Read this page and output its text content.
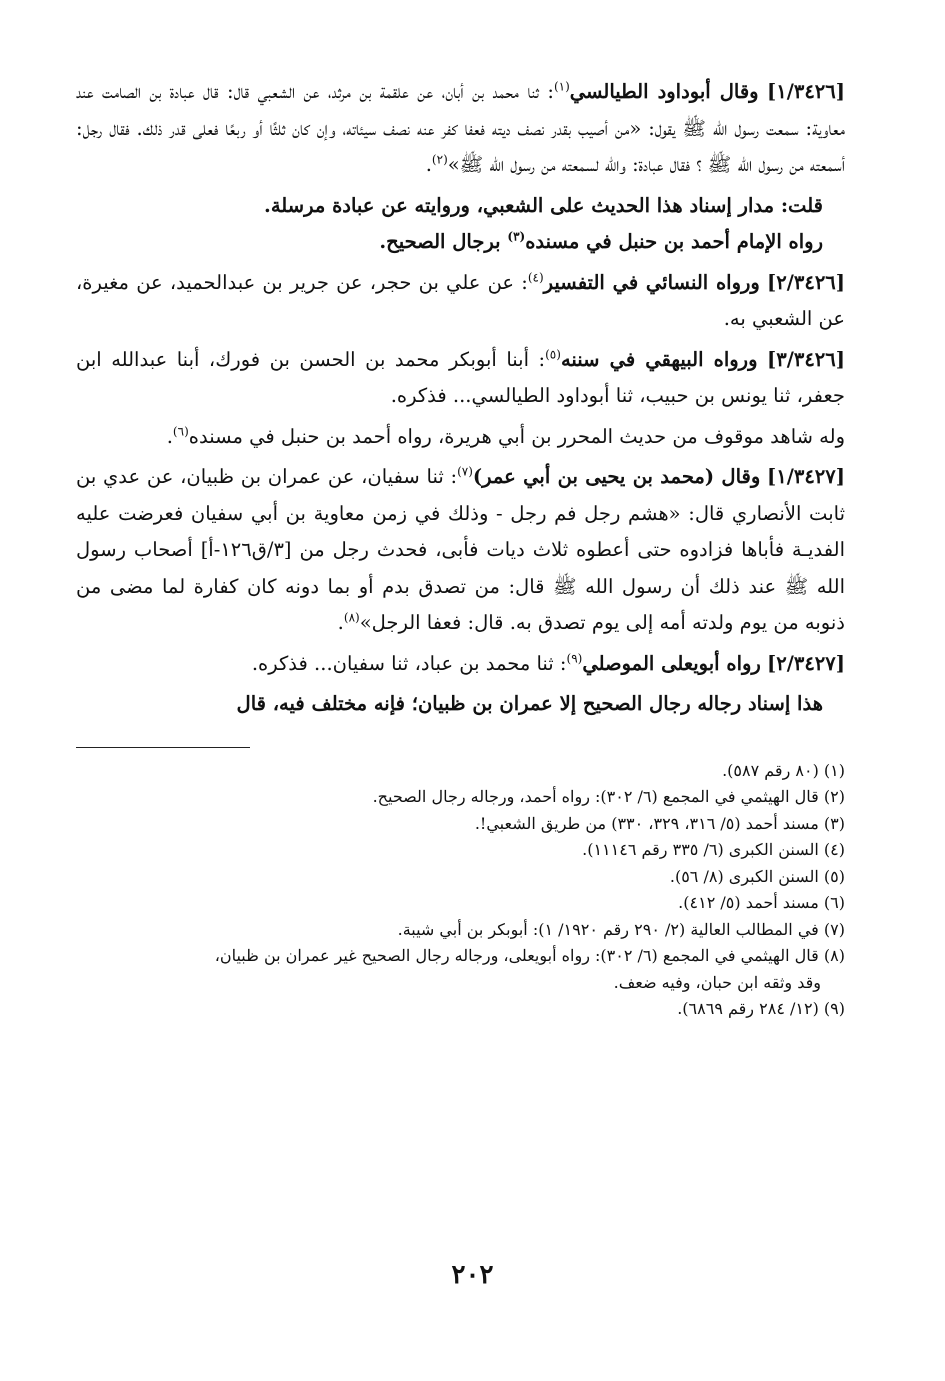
[١/٣٤٢٦] وقال أبوداود الطيالسي$^{(١)}$: ثنا محمد بن أبان، عن علقمة بن مرثد، عن الشعبي قال: قال عبادة بن الصامت عند معاوية: سمعت رسول الله ﷺ يقول: «من أصيب بقدر نصف ديته فعفا كفر عنه نصف سيئاته، وإن كان ثلثًا أو ربعًا فعلى قدر ذلك. فقال رجل: أسمعته من رسول الله ﷺ ؟ فقال عبادة: والله لسمعته من رسول الله ﷺ»$^{(٢)}$.

قلت: مدار إسناد هذا الحديث على الشعبي، وروايته عن عبادة مرسلة.

رواه الإمام أحمد بن حنبل في مسنده$^{(٣)}$ برجال الصحيح.

[٢/٣٤٢٦] ورواه النسائي في التفسير$^{(٤)}$: عن علي بن حجر، عن جرير بن عبدالحميد، عن مغيرة، عن الشعبي به.

[٣/٣٤٢٦] ورواه البيهقي في سننه$^{(٥)}$: أبنا أبوبكر محمد بن الحسن بن فورك، أبنا عبدالله ابن جعفر، ثنا يونس بن حبيب، ثنا أبوداود الطيالسي... فذكره.

وله شاهد موقوف من حديث المحرر بن أبي هريرة، رواه أحمد بن حنبل في مسنده$^{(٦)}$.

[١/٣٤٢٧] وقال (محمد بن يحيى بن أبي عمر)$^{(٧)}$: ثنا سفيان، عن عمران بن ظبيان، عن عدي بن ثابت الأنصاري قال: «هشم رجل فم رجل - وذلك في زمن معاوية بن أبي سفيان فعرضت عليه الفديـة فأباها فزادوه حتى أعطوه ثلاث ديات فأبى، فحدث رجل من [٣/ق١٢٦-أ] أصحاب رسول الله ﷺ عند ذلك أن رسول الله ﷺ قال: من تصدق بدم أو بما دونه كان كفارة لما مضى من ذنوبه من يوم ولدته أمه إلى يوم تصدق به. قال: فعفا الرجل»$^{(٨)}$.

[٢/٣٤٢٧] رواه أبويعلى الموصلي$^{(٩)}$: ثنا محمد بن عباد، ثنا سفيان... فذكره.

هذا إسناد رجاله رجال الصحيح إلا عمران بن ظبيان؛ فإنه مختلف فيه، قال

(١) (٨٠ رقم ٥٨٧).

(٢) قال الهيثمي في المجمع (٦/ ٣٠٢): رواه أحمد، ورجاله رجال الصحيح.

(٣) مسند أحمد (٥/ ٣١٦، ٣٢٩، ٣٣٠) من طريق الشعبي!.

(٤) السنن الكبرى (٦/ ٣٣٥ رقم ١١١٤٦).

(٥) السنن الكبرى (٨/ ٥٦).

(٦) مسند أحمد (٥/ ٤١٢).

(٧) في المطالب العالية (٢/ ٢٩٠ رقم ١٩٢٠/ ١): أبوبكر بن أبي شيبة.

(٨) قال الهيثمي في المجمع (٦/ ٣٠٢): رواه أبويعلى، ورجاله رجال الصحيح غير عمران بن ظبيان،

وقد وثقه ابن حبان، وفيه ضعف.

(٩) (١٢/ ٢٨٤ رقم ٦٨٦٩).

٢٠٢
